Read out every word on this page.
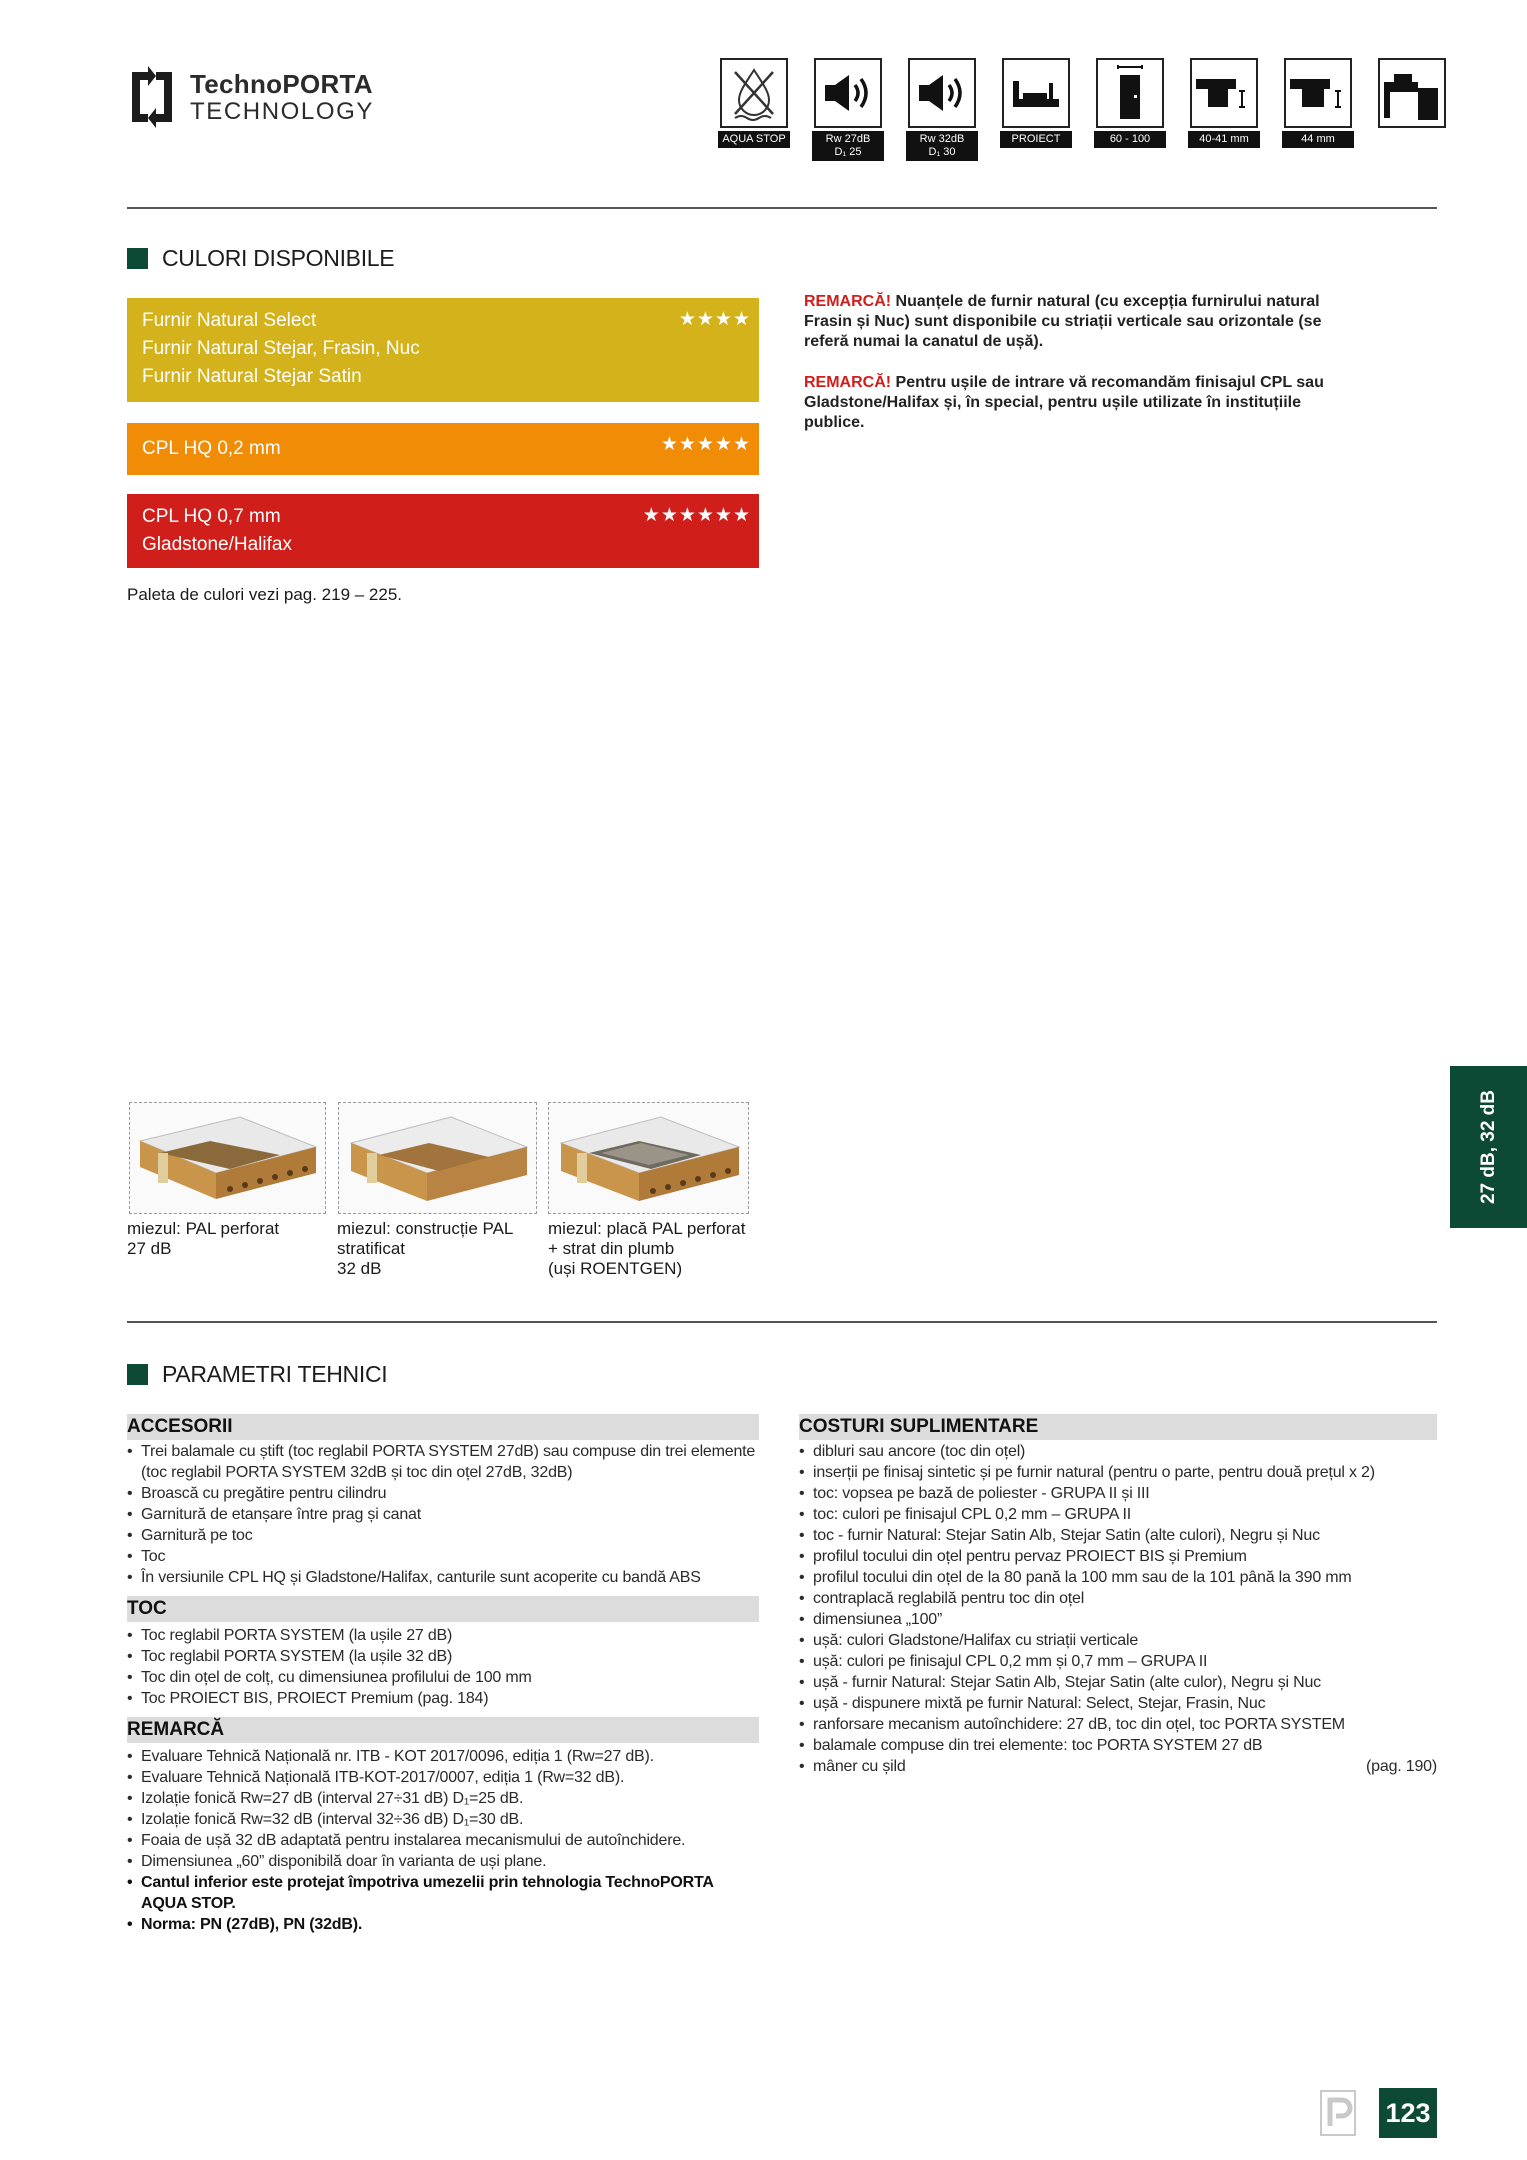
TechnoPORTA
TECHNOLOGY
AQUA STOP	Rw 27dB
D₁ 25
Rw 32dB
D₁ 30
PROIECT	60 - 100	40-41 mm	44 mm
CULORI DISPONIBILE
Furnir Natural Select
Furnir Natural Stejar, Frasin, Nuc
Furnir Natural Stejar Satin
★★★★
CPL HQ 0,2 mm	★★★★★
CPL HQ 0,7 mm
Gladstone/Halifax
★★★★★★
Paleta de culori vezi pag. 219 – 225.
REMARCĂ! Nuanțele de furnir natural (cu excepția furnirului natural Frasin și Nuc) sunt disponibile cu striații verticale sau orizontale (se referă numai la canatul de ușă).
REMARCĂ! Pentru ușile de intrare vă recomandăm finisajul CPL sau Gladstone/Halifax și, în special, pentru ușile utilizate în instituțiile publice.
miezul: PAL perforat
27 dB
miezul: construcție PAL
stratificat
32 dB
miezul: placă PAL perforat
+ strat din plumb
(uși ROENTGEN)
27 dB, 32 dB
PARAMETRI TEHNICI
ACCESORII
• Trei balamale cu știft (toc reglabil PORTA SYSTEM 27dB) sau compuse din trei elemente (toc reglabil PORTA SYSTEM 32dB și toc din oțel 27dB, 32dB)
• Broască cu pregătire pentru cilindru
• Garnitură de etanșare între prag și canat
• Garnitură pe toc
• Toc
• În versiunile CPL HQ și Gladstone/Halifax, canturile sunt acoperite cu bandă ABS
TOC
• Toc reglabil PORTA SYSTEM (la ușile 27 dB)
• Toc reglabil PORTA SYSTEM (la ușile 32 dB)
• Toc din oțel de colț, cu dimensiunea profilului de 100 mm
• Toc PROIECT BIS, PROIECT Premium (pag. 184)
REMARCĂ
• Evaluare Tehnică Națională nr. ITB - KOT 2017/0096, ediția 1 (Rw=27 dB).
• Evaluare Tehnică Națională ITB-KOT-2017/0007, ediția 1 (Rw=32 dB).
• Izolație fonică Rw=27 dB (interval 27÷31 dB) D₁=25 dB.
• Izolație fonică Rw=32 dB (interval 32÷36 dB) D₁=30 dB.
• Foaia de ușă 32 dB adaptată pentru instalarea mecanismului de autoînchidere.
• Dimensiunea „60” disponibilă doar în varianta de uși plane.
• Cantul inferior este protejat împotriva umezelii prin tehnologia TechnoPORTA AQUA STOP.
• Norma: PN (27dB), PN (32dB).
COSTURI SUPLIMENTARE
• dibluri sau ancore (toc din oțel)
• inserții pe finisaj sintetic și pe furnir natural (pentru o parte, pentru două prețul x 2)
• toc: vopsea pe bază de poliester - GRUPA II și III
• toc: culori pe finisajul CPL 0,2 mm – GRUPA II
• toc - furnir Natural: Stejar Satin Alb, Stejar Satin (alte culori), Negru și Nuc
• profilul tocului din oțel pentru pervaz PROIECT BIS și Premium
• profilul tocului din oțel de la 80 pană la 100 mm sau de la 101 până la 390 mm
• contraplacă reglabilă pentru toc din oțel
• dimensiunea „100”
• ușă: culori Gladstone/Halifax cu striații verticale
• ușă: culori pe finisajul CPL 0,2 mm și 0,7 mm – GRUPA II
• ușă - furnir Natural: Stejar Satin Alb, Stejar Satin (alte culor), Negru și Nuc
• ușă - dispunere mixtă pe furnir Natural: Select, Stejar, Frasin, Nuc
• ranforsare mecanism autoînchidere: 27 dB, toc din oțel, toc PORTA SYSTEM
• balamale compuse din trei elemente: toc PORTA SYSTEM 27 dB
• mâner cu șild	(pag. 190)
123
